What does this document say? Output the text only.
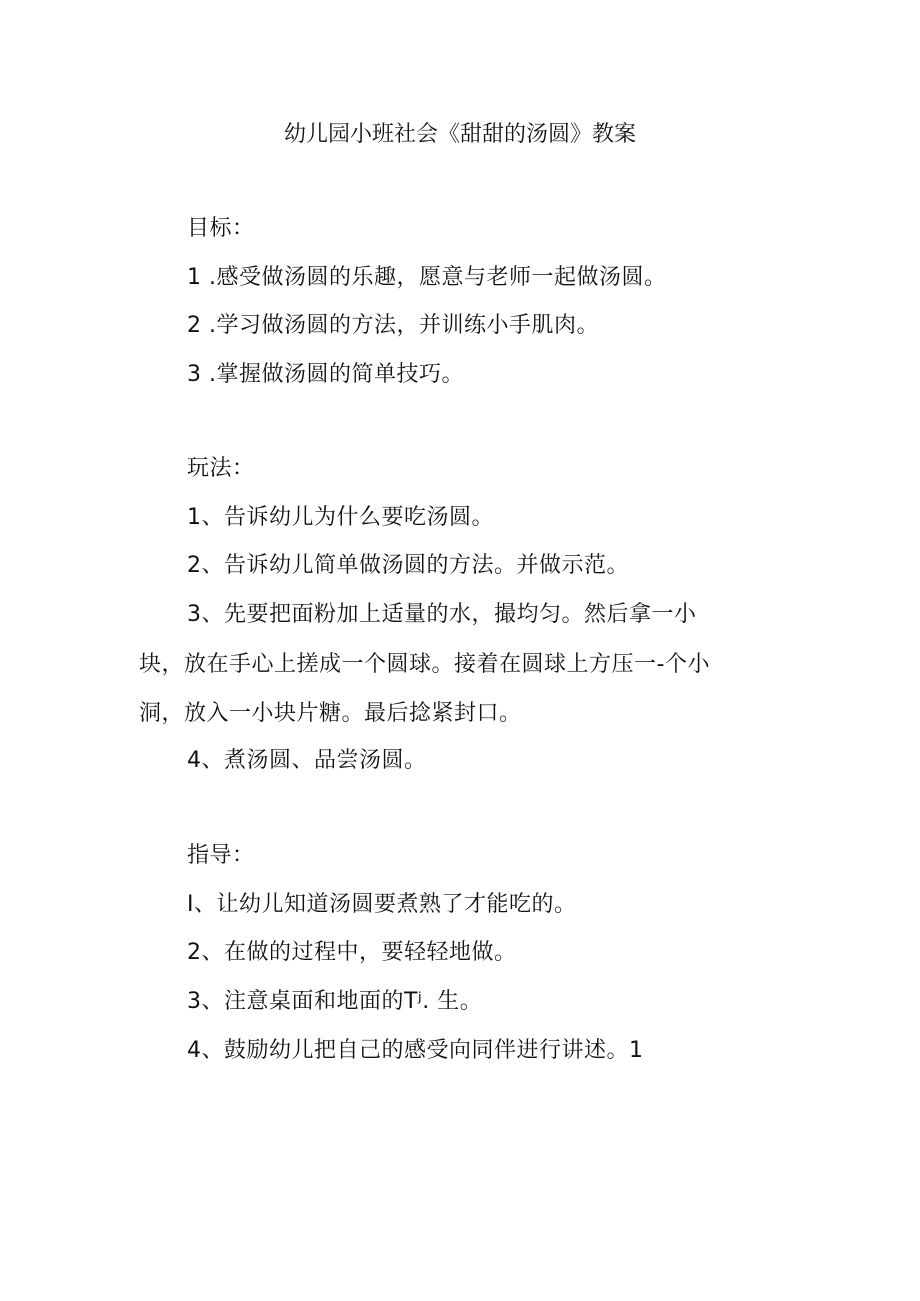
幼儿园小班社会《甜甜的汤圆》教案
目标：
1 .感受做汤圆的乐趣，愿意与老师一起做汤圆。
2 .学习做汤圆的方法，并训练小手肌肉。
3 .掌握做汤圆的简单技巧。
玩法：
1、告诉幼儿为什么要吃汤圆。
2、告诉幼儿简单做汤圆的方法。并做示范。
3、先要把面粉加上适量的水，撮均匀。然后拿一小
块，放在手心上搓成一个圆球。接着在圆球上方压一-个小
洞，放入一小块片糖。最后捻紧封口。
4、煮汤圆、品尝汤圆。
指导：
I、让幼儿知道汤圆要煮熟了才能吃的。
2、在做的过程中，要轻轻地做。
3、注意桌面和地面的Tʲ. 生。
4、鼓励幼儿把自己的感受向同伴进行讲述。1
